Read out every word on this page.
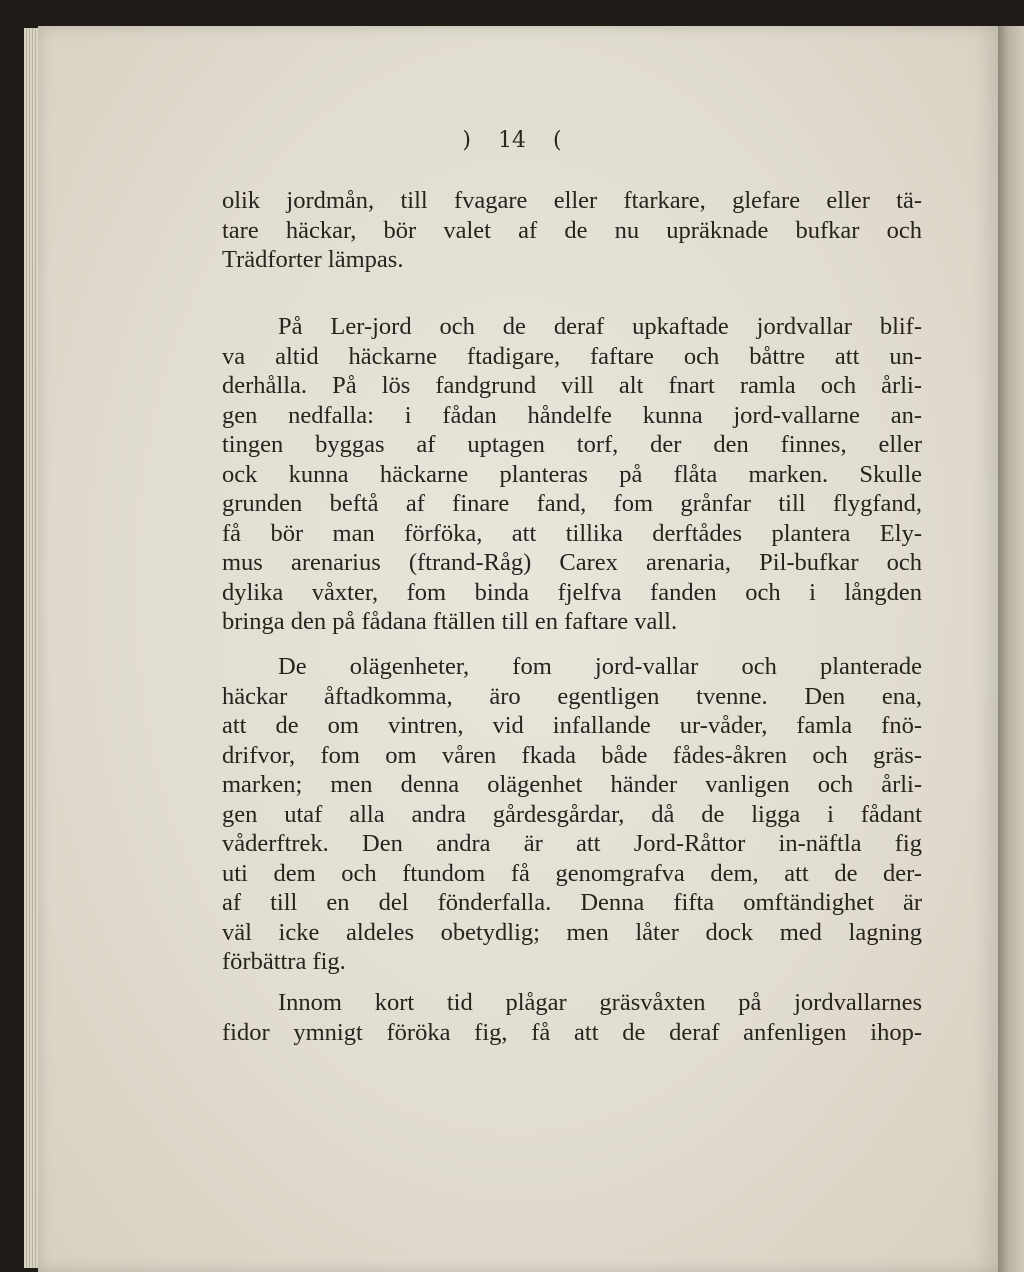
) 14 (
olik jordmån, till fvagare eller ftarkare, glefare eller tä-
tare häckar, bör valet af de nu upräknade bufkar och
Trädforter lämpas.
På Ler-jord och de deraf upkaftade jordvallar blif-
va altid häckarne ftadigare, faftare och båttre att un-
derhålla. På lös fandgrund vill alt fnart ramla och årli-
gen nedfalla: i fådan håndelfe kunna jord-vallarne an-
tingen byggas af uptagen torf, der den finnes, eller
ock kunna häckarne planteras på flåta marken. Skulle
grunden beftå af finare fand, fom grånfar till flygfand,
få bör man förföka, att tillika derftådes plantera Ely-
mus arenarius (ftrand-Råg) Carex arenaria, Pil-bufkar och
dylika våxter, fom binda fjelfva fanden och i långden
bringa den på fådana ftällen till en faftare vall.
De olägenheter, fom jord-vallar och planterade
häckar åftadkomma, äro egentligen tvenne. Den ena,
att de om vintren, vid infallande ur-våder, famla fnö-
drifvor, fom om våren fkada både fådes-åkren och gräs-
marken; men denna olägenhet händer vanligen och årli-
gen utaf alla andra gårdesgårdar, då de ligga i fådant
våderftrek. Den andra är att Jord-Råttor in-näftla fig
uti dem och ftundom få genomgrafva dem, att de der-
af till en del fönderfalla. Denna fifta omftändighet är
väl icke aldeles obetydlig; men låter dock med lagning
förbättra fig.
Innom kort tid plågar gräsvåxten på jordvallarnes
fidor ymnigt föröka fig, få att de deraf anfenligen ihop-
